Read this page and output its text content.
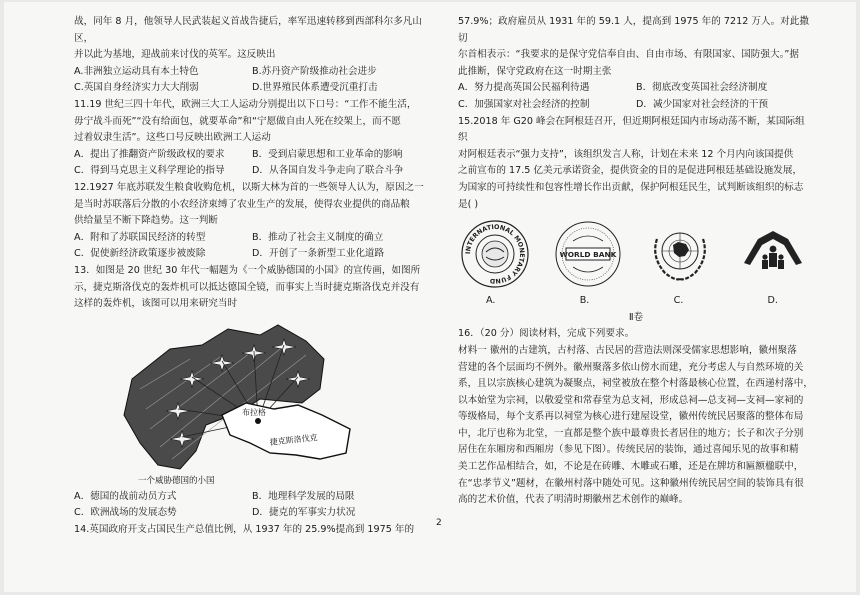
战，同年 8 月，他领导人民武装起义首战告捷后，率军迅速转移到西部科尔多凡山区，

并以此为基地，迎战前来讨伐的英军。这反映出

A.非洲独立运动具有本土特色	B.苏丹资产阶级推动社会进步
C.英国自身经济实力大大削弱	D.世界殖民体系遭受沉重打击

11.19 世纪三四十年代，欧洲三大工人运动分别提出以下口号：“工作不能生活，

毋宁战斗而死”“没有给面包，就要革命”和“宁愿做自由人死在绞架上，而不愿

过着奴隶生活”。这些口号反映出欧洲工人运动

A．提出了推翻资产阶级政权的要求	B．受到启蒙思想和工业革命的影响
C．得到马克思主义科学理论的指导	D．从各国自发斗争走向了联合斗争

12.1927 年底苏联发生粮食收购危机，以斯大林为首的一些领导人认为，原因之一

是当时苏联落后分散的小农经济束缚了农业生产的发展，使得农业提供的商品粮

供给量呈不断下降趋势。这一判断

A．附和了苏联国民经济的转型	B．推动了社会主义制度的确立
C．促使新经济政策逐步被废除	D．开创了一条新型工业化道路

13．如图是 20 世纪 30 年代一幅题为《一个威胁德国的小国》的宣传画，如图所

示，捷克斯洛伐克的轰炸机可以抵达德国全镜，而事实上当时捷克斯洛伐克并没有

这样的轰炸机，该图可以用来研究当时

布拉格
捷克斯洛伐克
一个威胁德国的小国
A．德国的战前动员方式	B．地理科学发展的局限
C．欧洲战场的发展态势	D．捷克的军事实力状况

14.英国政府开支占国民生产总值比例，从 1937 年的 25.9%提高到 1975 年的

57.9%；政府雇员从 1931 年的 59.1 人，提高到 1975 年的 7212 万人。对此撒切

尔首相表示：“我要求的是保守党信奉自由、自由市场、有限国家、国防强大。”据

此推断，保守党政府在这一时期主张

A．努力提高英国公民福利待遇	B．彻底改变英国社会经济制度
C．加强国家对社会经济的控制	D．减少国家对社会经济的干预

15.2018 年 G20 峰会在阿根廷召开，但近期阿根廷国内市场动荡不断，某国际组织

对阿根廷表示“强力支持”，该组织发言人称，计划在未来 12 个月内向该国提供

之前宣布的 17.5 亿美元承诺资金，提供资金的目的是促进阿根廷基础设施发展，

为国家的可持续性和包容性增长作出贡献，保护阿根廷民生，试判断该组织的标志

是( )

INTERNATIONAL MONETARY FUND
WORLD BANK
A.	B.	C.	D.

Ⅱ卷

16．（20 分）阅读材料，完成下列要求。

材料一 徽州的古建筑，古村落、古民居的营造法则深受儒家思想影响，徽州聚落

营建的各个层面均不例外。徽州聚落多依山傍水而建，充分考虑人与自然环境的关

系，且以宗族核心建筑为凝聚点，祠堂被放在整个村落最核心位置，在西递村落中，

以本始堂为宗祠，以敬爱堂和常春堂为总支祠，形成总祠—总支祠—支祠—家祠的

等级格局，每个支系再以祠堂为核心进行建屋设堂，徽州传统民居聚落的整体布局

中，北厅也称为北堂，一直都是整个族中最尊贵长者居住的地方；长子和次子分别

居住在东厢房和西厢房（参见下图）。传统民居的装饰，通过喜闻乐见的故事和精

美工艺作品相结合，如，不论是在砖雕、木雕或石雕，还是在牌坊和匾额楹联中，

在“忠孝节义”题材，在徽州村落中随处可见。这种徽州传统民居空间的装饰具有很

高的艺术价值，代表了明清时期徽州艺术创作的巅峰。

2
